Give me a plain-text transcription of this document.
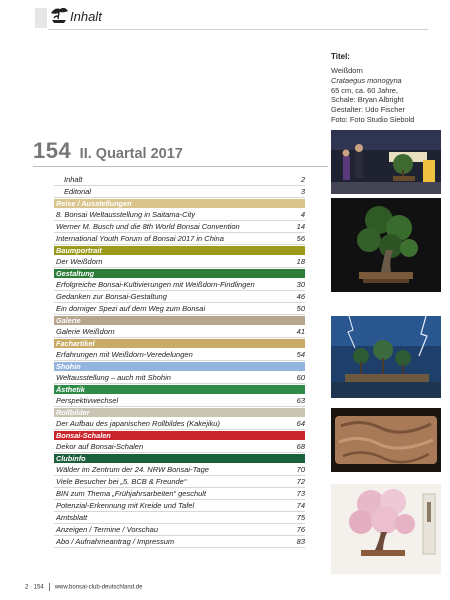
Inhalt
Titel:
Weißdorn
Crataegus monogyna
65 cm, ca. 60 Jahre,
Schale: Bryan Albright
Gestalter: Udo Fischer
Foto: Foto Studio Siebold
154 II. Quartal 2017
Inhalt	2
Editorial	3
Reise / Ausstellungen
8. Bonsai Weltausstellung in Saitama-City	4
Werner M. Busch und die 8th World Bonsai Convention	14
International Youth Forum of Bonsai 2017 in China	56
Baumportrait
Der Weißdorn	18
Gestaltung
Erfolgreiche Bonsai-Kultivierungen mit Weißdorn-Findlingen	30
Gedanken zur Bonsai-Gestaltung	46
Ein dorniger Spezi auf dem Weg zum Bonsai	50
Galerie
Galerie Weißdorn	41
Fachartikel
Erfahrungen mit Weißdorn-Veredelungen	54
Shohin
Weltausstellung – auch mit Shohin	60
Ästhetik
Perspektivwechsel	63
Rollbilder
Der Aufbau des japanischen Rollbildes (Kakejiku)	64
Bonsai-Schalen
Dekor auf Bonsai-Schalen	68
Clubinfo
Wälder im Zentrum der 24. NRW Bonsai-Tage	70
Viele Besucher bei „5. BCB & Freunde“	72
BIN zum Thema „Frühjahrsarbeiten“ geschult	73
Potenzial-Erkennung mit Kreide und Tafel	74
Amtsblatt	75
Anzeigen / Termine / Vorschau	76
Abo / Aufnahmeantrag / Impressum	83
2 · 154 www.bonsai-club-deutschland.de
